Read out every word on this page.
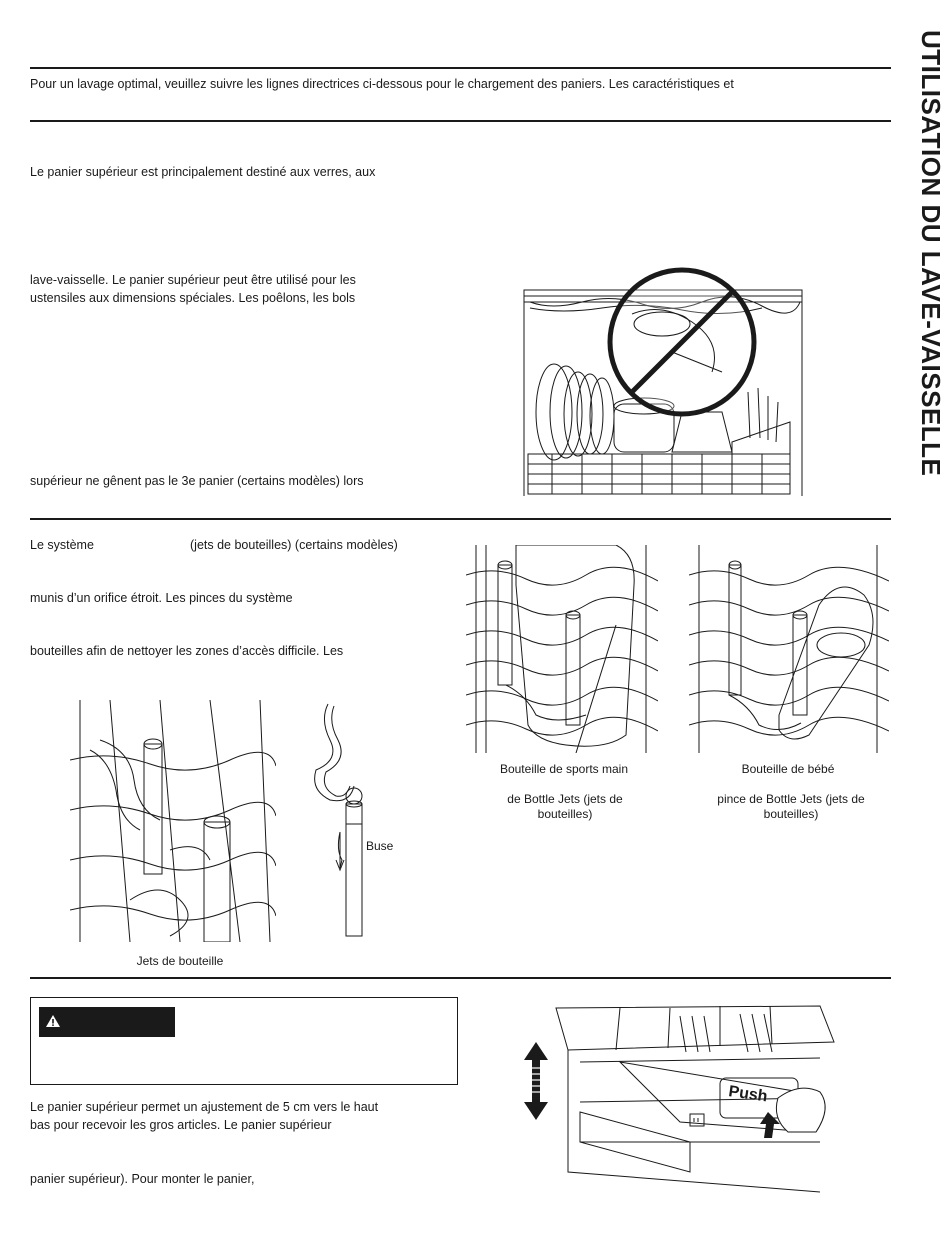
UTILISATION DU LAVE-VAISSELLE
Pour un lavage optimal, veuillez suivre les lignes directrices ci-dessous pour le chargement des paniers. Les caractéristiques et
Le panier supérieur est principalement destiné aux verres, aux
lave-vaisselle. Le panier supérieur peut être utilisé pour les
ustensiles aux dimensions spéciales. Les poêlons, les bols
supérieur ne gênent pas le 3e panier (certains modèles) lors
Le système	(jets de bouteilles) (certains modèles)
munis d’un orifice étroit. Les pinces du système
bouteilles afin de nettoyer les zones d’accès difficile. Les
Bouteille de sports main
de Bottle Jets (jets de bouteilles)
Bouteille de bébé
pince de Bottle Jets (jets de bouteilles)
Jets de bouteille
Buse
Le panier supérieur permet un ajustement de 5 cm vers le haut
bas pour recevoir les gros articles. Le panier supérieur
panier supérieur). Pour monter le panier,
Push
